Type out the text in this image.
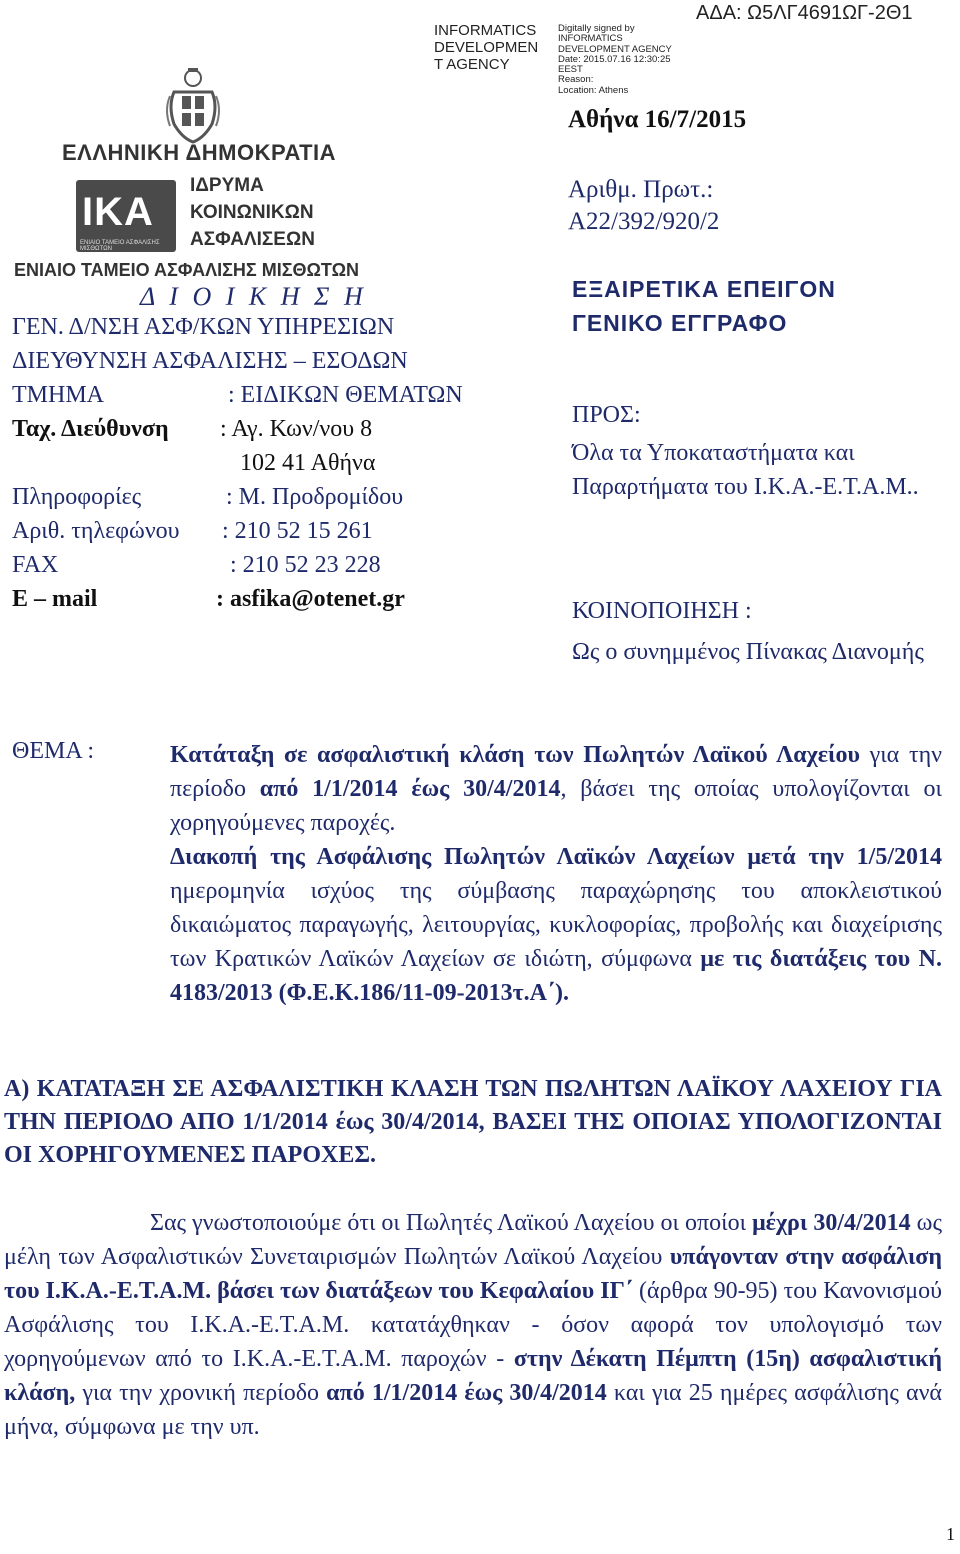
ΑΔΑ: Ω5ΛΓ4691ΩΓ-2Θ1
INFORMATICS
DEVELOPMEN
T AGENCY
Digitally signed by
INFORMATICS
DEVELOPMENT AGENCY
Date: 2015.07.16 12:30:25
EEST
Reason:
Location: Athens
ΕΛΛΗΝΙΚΗ ΔΗΜΟΚΡΑΤΙΑ
ΙΚΑ
ΕΝΙΑΙΟ ΤΑΜΕΙΟ ΑΣΦΑΛΙΣΗΣ ΜΙΣΘΩΤΩΝ
ΙΔΡΥΜΑ
ΚΟΙΝΩΝΙΚΩΝ
ΑΣΦΑΛΙΣΕΩΝ
ΕΝΙΑΙΟ ΤΑΜΕΙΟ ΑΣΦΑΛΙΣΗΣ ΜΙΣΘΩΤΩΝ
Δ Ι Ο Ι Κ Η Σ Η
ΓΕΝ. Δ/ΝΣΗ ΑΣΦ/ΚΩΝ ΥΠΗΡΕΣΙΩΝ
ΔΙΕΥΘΥΝΣΗ ΑΣΦΑΛΙΣΗΣ – ΕΣΟΔΩΝ
ΤΜΗΜΑ	: ΕΙΔΙΚΩΝ ΘΕΜΑΤΩΝ
Ταχ. Διεύθυνση : Αγ. Κων/νου 8
102 41 Αθήνα
Πληροφορίες	: Μ. Προδρομίδου
Αριθ. τηλεφώνου : 210 52 15 261
FAX	: 210 52 23 228
E – mail	: asfika@otenet.gr
Αθήνα 16/7/2015
Αριθμ. Πρωτ.:
Α22/392/920/2
ΕΞΑΙΡΕΤΙΚΑ ΕΠΕΙΓΟΝ
ΓΕΝΙΚΟ ΕΓΓΡΑΦΟ
ΠΡΟΣ:
Όλα τα Υποκαταστήματα και Παραρτήματα του Ι.Κ.Α.-Ε.Τ.Α.Μ..
ΚΟΙΝΟΠΟΙΗΣΗ :
Ως ο συνημμένος Πίνακας Διανομής
ΘΕΜΑ :	Κατάταξη σε ασφαλιστική κλάση των Πωλητών Λαϊκού Λαχείου για την περίοδο από 1/1/2014 έως 30/4/2014, βάσει της οποίας υπολογίζονται οι χορηγούμενες παροχές.

Διακοπή της Ασφάλισης Πωλητών Λαϊκών Λαχείων μετά την 1/5/2014 ημερομηνία ισχύος της σύμβασης παραχώρησης του αποκλειστικού δικαιώματος παραγωγής, λειτουργίας, κυκλοφορίας, προβολής και διαχείρισης των Κρατικών Λαϊκών Λαχείων σε ιδιώτη, σύμφωνα με τις διατάξεις του Ν. 4183/2013 (Φ.Ε.Κ.186/11-09-2013τ.Α΄).

Α) ΚΑΤΑΤΑΞΗ ΣΕ ΑΣΦΑΛΙΣΤΙΚΗ ΚΛΑΣΗ ΤΩΝ ΠΩΛΗΤΩΝ ΛΑΪΚΟΥ ΛΑΧΕΙΟΥ ΓΙΑ ΤΗΝ ΠΕΡΙΟΔΟ ΑΠΟ 1/1/2014 έως 30/4/2014, ΒΑΣΕΙ ΤΗΣ ΟΠΟΙΑΣ ΥΠΟΛΟΓΙΖΟΝΤΑΙ ΟΙ ΧΟΡΗΓΟΥΜΕΝΕΣ ΠΑΡΟΧΕΣ.

Σας γνωστοποιούμε ότι οι Πωλητές Λαϊκού Λαχείου οι οποίοι μέχρι 30/4/2014 ως μέλη των Ασφαλιστικών Συνεταιρισμών Πωλητών Λαϊκού Λαχείου υπάγονταν στην ασφάλιση του Ι.Κ.Α.-Ε.Τ.Α.Μ. βάσει των διατάξεων του Κεφαλαίου ΙΓ΄ (άρθρα 90-95) του Κανονισμού Ασφάλισης του Ι.Κ.Α.-Ε.Τ.Α.Μ. κατατάχθηκαν - όσον αφορά τον υπολογισμό των χορηγούμενων από το Ι.Κ.Α.-Ε.Τ.Α.Μ. παροχών - στην Δέκατη Πέμπτη (15η) ασφαλιστική κλάση, για την χρονική περίοδο από 1/1/2014 έως 30/4/2014 και για 25 ημέρες ασφάλισης ανά μήνα, σύμφωνα με την υπ.

1
